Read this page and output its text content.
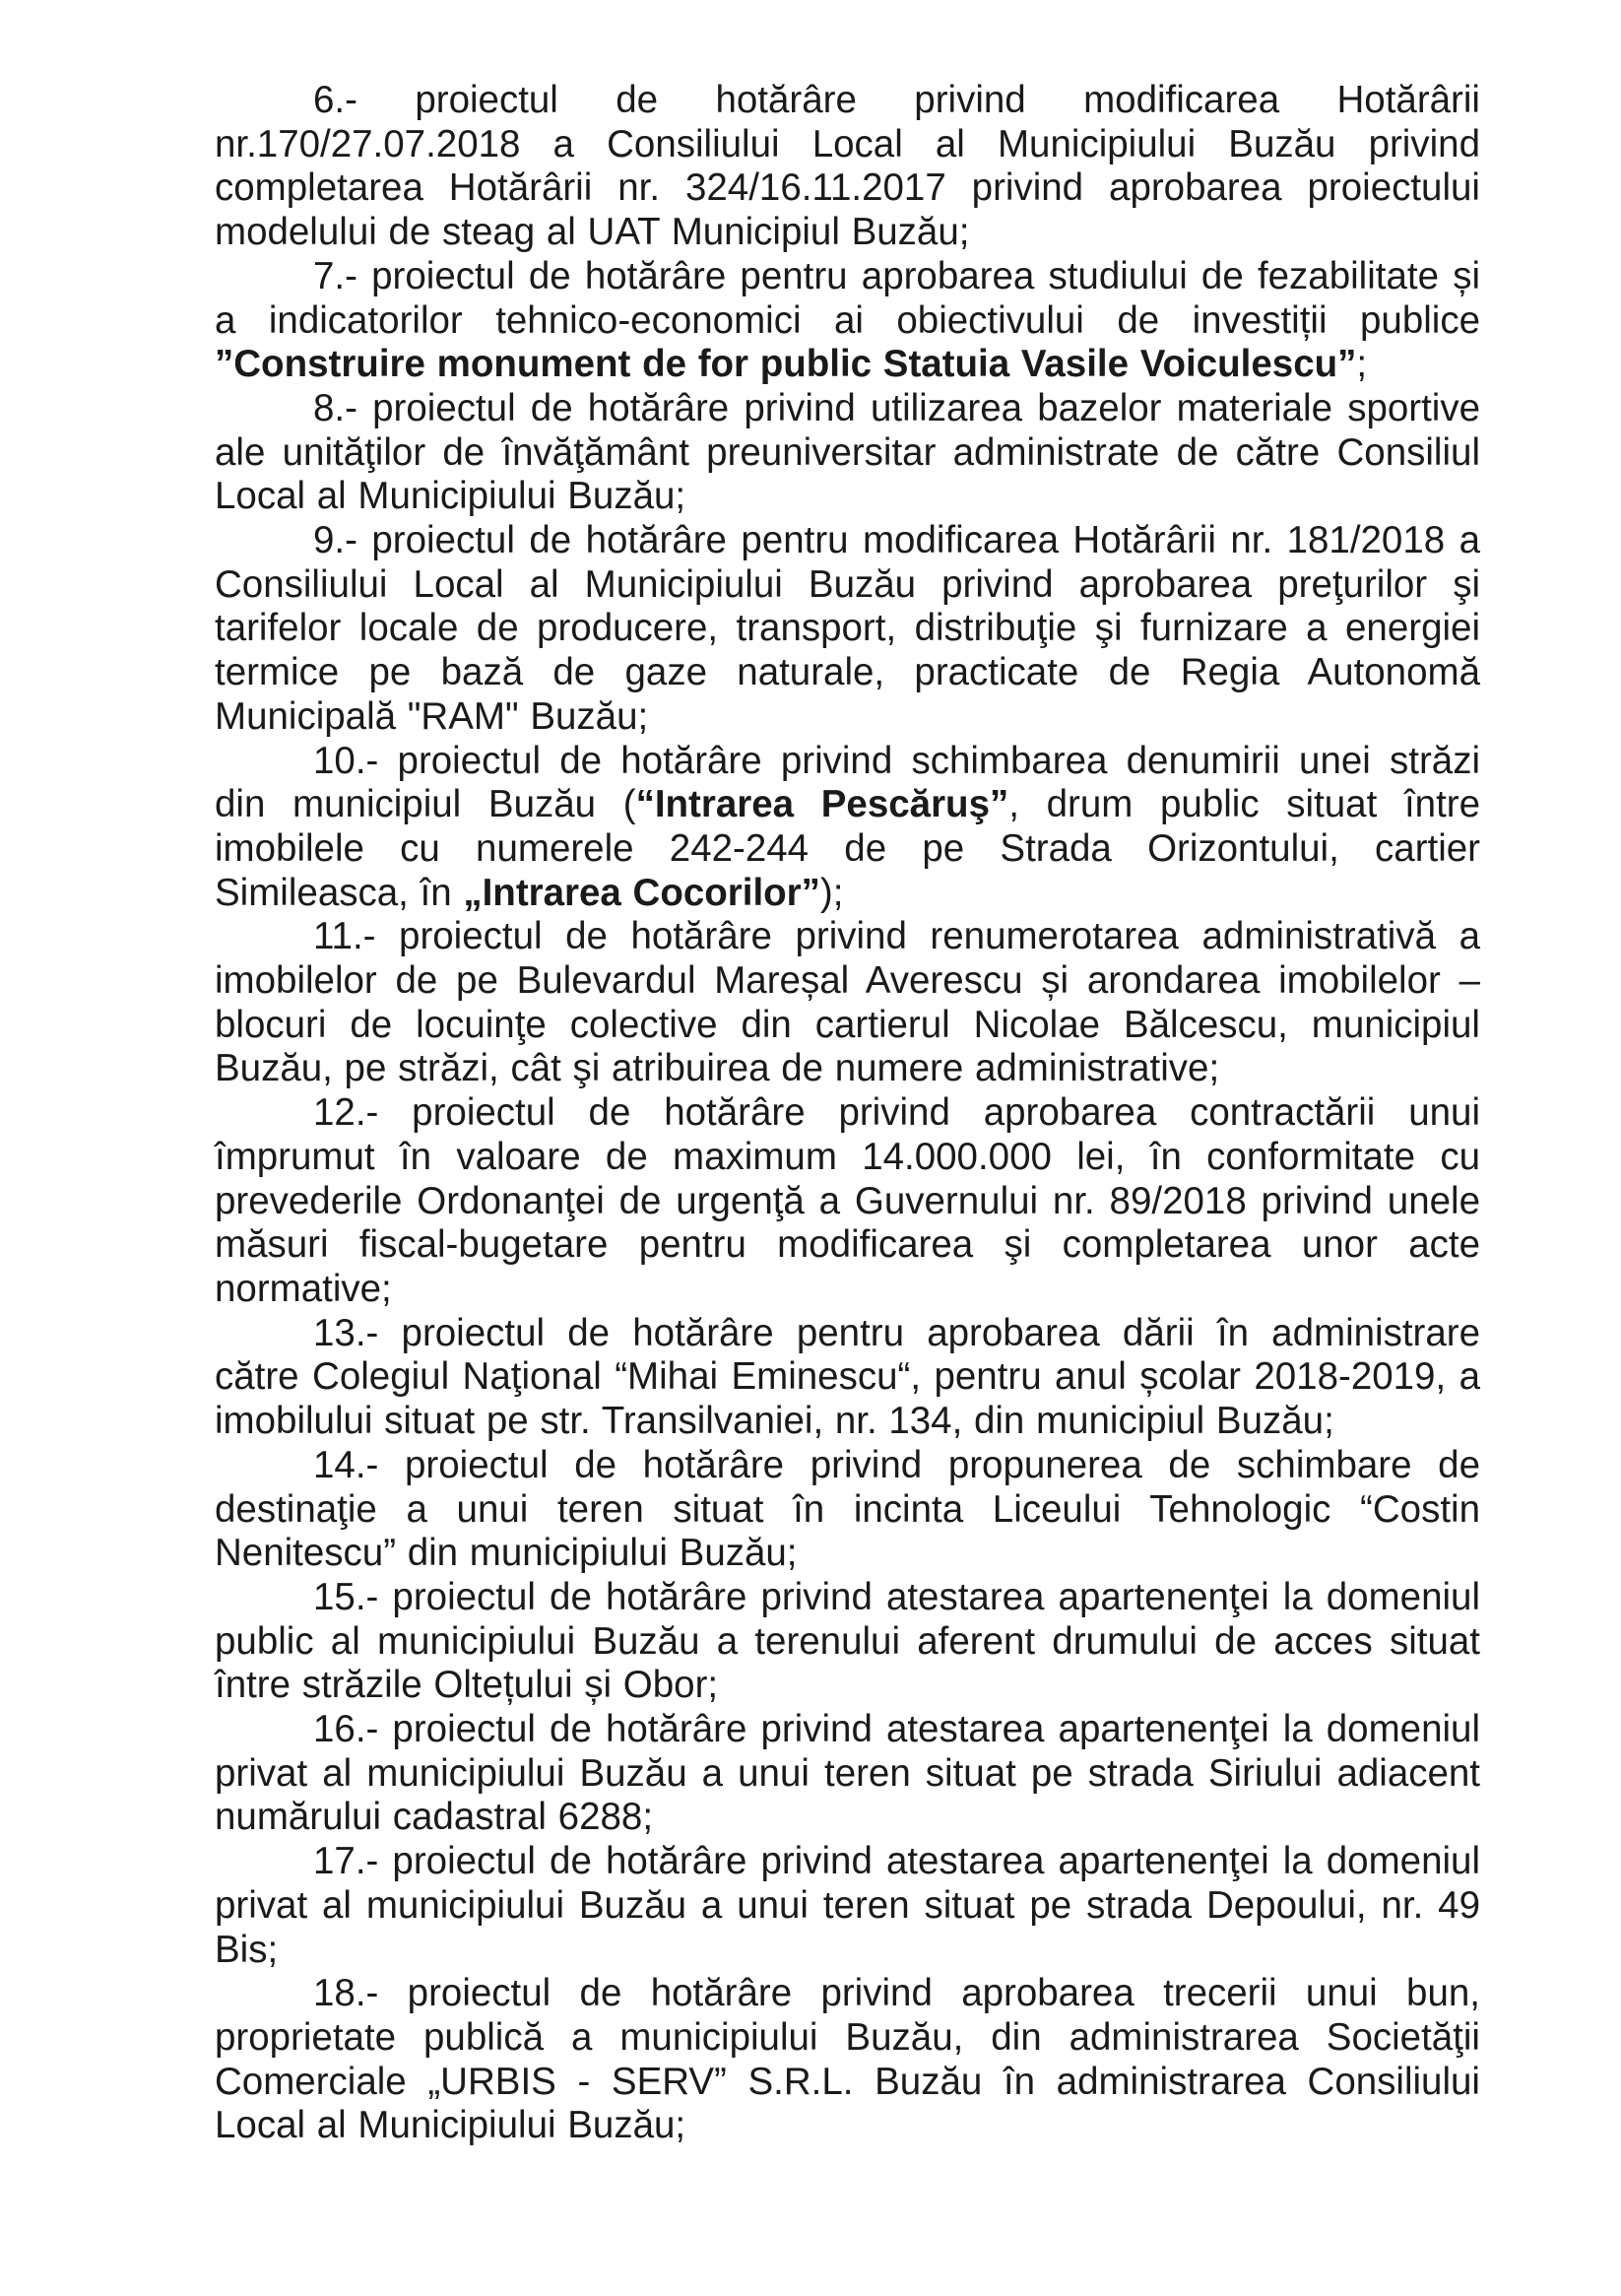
6.- proiectul de hotărâre privind modificarea Hotărârii nr.170/27.07.2018 a Consiliului Local al Municipiului Buzău privind completarea Hotărârii nr. 324/16.11.2017 privind aprobarea proiectului modelului de steag al UAT Municipiul Buzău;

7.- proiectul de hotărâre pentru aprobarea studiului de fezabilitate și a indicatorilor tehnico-economici ai obiectivului de investiții publice ”Construire monument de for public Statuia Vasile Voiculescu”;

8.- proiectul de hotărâre privind utilizarea bazelor materiale sportive ale unităţilor de învăţământ preuniversitar administrate de către Consiliul Local al Municipiului Buzău;

9.- proiectul de hotărâre pentru modificarea Hotărârii nr. 181/2018 a Consiliului Local al Municipiului Buzău privind aprobarea preţurilor şi tarifelor locale de producere, transport, distribuţie şi furnizare a energiei termice pe bază de gaze naturale, practicate de Regia Autonomă Municipală "RAM" Buzău;

10.- proiectul de hotărâre privind schimbarea denumirii unei străzi din municipiul Buzău (“Intrarea Pescăruş”, drum public situat între imobilele cu numerele 242-244 de pe Strada Orizontului, cartier Simileasca, în „Intrarea Cocorilor”);

11.- proiectul de hotărâre privind renumerotarea administrativă a imobilelor de pe Bulevardul Mareșal Averescu și arondarea imobilelor – blocuri de locuinţe colective din cartierul Nicolae Bălcescu, municipiul Buzău, pe străzi, cât şi atribuirea de numere administrative;

12.- proiectul de hotărâre privind aprobarea contractării unui împrumut în valoare de maximum 14.000.000 lei, în conformitate cu prevederile Ordonanţei de urgenţă a Guvernului nr. 89/2018 privind unele măsuri fiscal-bugetare pentru modificarea şi completarea unor acte normative;

13.- proiectul de hotărâre pentru aprobarea dării în administrare către Colegiul Naţional “Mihai Eminescu“, pentru anul școlar 2018-2019, a imobilului situat pe str. Transilvaniei, nr. 134, din municipiul Buzău;

14.- proiectul de hotărâre privind propunerea de schimbare de destinaţie a unui teren situat în incinta Liceului Tehnologic “Costin Nenitescu” din municipiului Buzău;

15.- proiectul de hotărâre privind atestarea apartenenţei la domeniul public al municipiului Buzău a terenului aferent drumului de acces situat între străzile Oltețului și Obor;

16.- proiectul de hotărâre privind atestarea apartenenţei la domeniul privat al municipiului Buzău a unui teren situat pe strada Siriului adiacent numărului cadastral 6288;

17.- proiectul de hotărâre privind atestarea apartenenţei la domeniul privat al municipiului Buzău a unui teren situat pe strada Depoului, nr. 49 Bis;

18.- proiectul de hotărâre privind aprobarea trecerii unui bun, proprietate publică a municipiului Buzău, din administrarea Societăţii Comerciale „URBIS - SERV” S.R.L. Buzău în administrarea Consiliului Local al Municipiului Buzău;
